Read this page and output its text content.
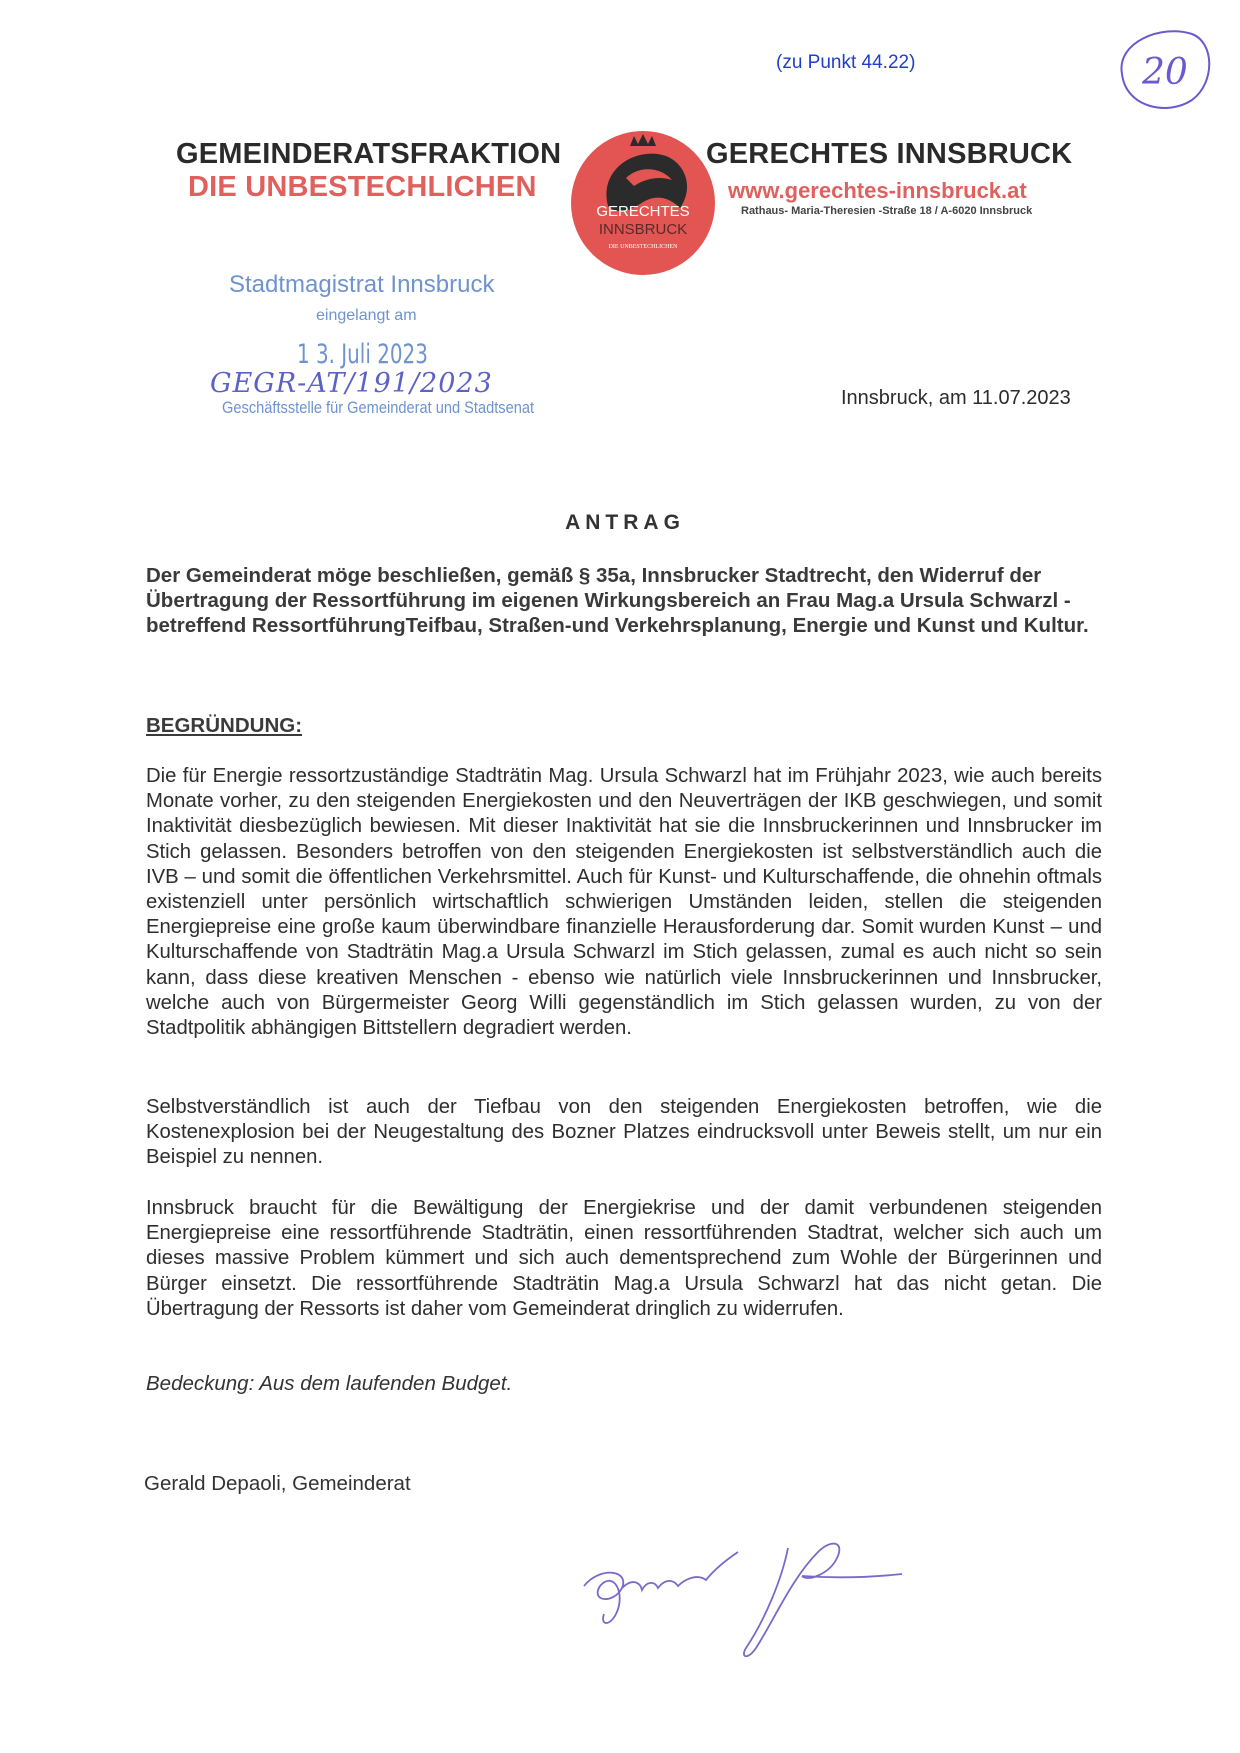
(zu Punkt 44.22)	20
GEMEINDERATSFRAKTION
DIE UNBESTECHLICHEN
GERECHTES INNSBRUCK
www.gerechtes-innsbruck.at
Rathaus- Maria-Theresien -Straße 18 / A-6020 Innsbruck
GERECHTES
INNSBRUCK
DIE UNBESTECHLICHEN
Stadtmagistrat Innsbruck
eingelangt am
1 3. Juli 2023
GEGR-AT/191/2023
Geschäftsstelle für Gemeinderat und Stadtsenat	Innsbruck, am 11.07.2023
ANTRAG
Der Gemeinderat möge beschließen, gemäß § 35a, Innsbrucker Stadtrecht, den Widerruf der Übertragung der Ressortführung im eigenen Wirkungsbereich an Frau Mag.a Ursula Schwarzl - betreffend RessortführungTeifbau, Straßen-und Verkehrsplanung, Energie und Kunst und Kultur.
BEGRÜNDUNG:
Die für Energie ressortzuständige Stadträtin Mag. Ursula Schwarzl hat im Frühjahr 2023, wie auch bereits Monate vorher, zu den steigenden Energiekosten und den Neuverträgen der IKB geschwiegen, und somit Inaktivität diesbezüglich bewiesen. Mit dieser Inaktivität hat sie die Innsbruckerinnen und Innsbrucker im Stich gelassen. Besonders betroffen von den steigenden Energiekosten ist selbstverständlich auch die IVB – und somit die öffentlichen Verkehrsmittel. Auch für Kunst- und Kulturschaffende, die ohnehin oftmals existenziell unter persönlich wirtschaftlich schwierigen Umständen leiden, stellen die steigenden Energiepreise eine große kaum überwindbare finanzielle Herausforderung dar. Somit wurden Kunst – und Kulturschaffende von Stadträtin Mag.a Ursula Schwarzl im Stich gelassen, zumal es auch nicht so sein kann, dass diese kreativen Menschen - ebenso wie natürlich viele Innsbruckerinnen und Innsbrucker, welche auch von Bürgermeister Georg Willi gegenständlich im Stich gelassen wurden, zu von der Stadtpolitik abhängigen Bittstellern degradiert werden.
Selbstverständlich ist auch der Tiefbau von den steigenden Energiekosten betroffen, wie die Kostenexplosion bei der Neugestaltung des Bozner Platzes eindrucksvoll unter Beweis stellt, um nur ein Beispiel zu nennen.
Innsbruck braucht für die Bewältigung der Energiekrise und der damit verbundenen steigenden Energiepreise eine ressortführende Stadträtin, einen ressortführenden Stadtrat, welcher sich auch um dieses massive Problem kümmert und sich auch dementsprechend zum Wohle der Bürgerinnen und Bürger einsetzt. Die ressortführende Stadträtin Mag.a Ursula Schwarzl hat das nicht getan. Die Übertragung der Ressorts ist daher vom Gemeinderat dringlich zu widerrufen.
Bedeckung: Aus dem laufenden Budget.
Gerald Depaoli, Gemeinderat
